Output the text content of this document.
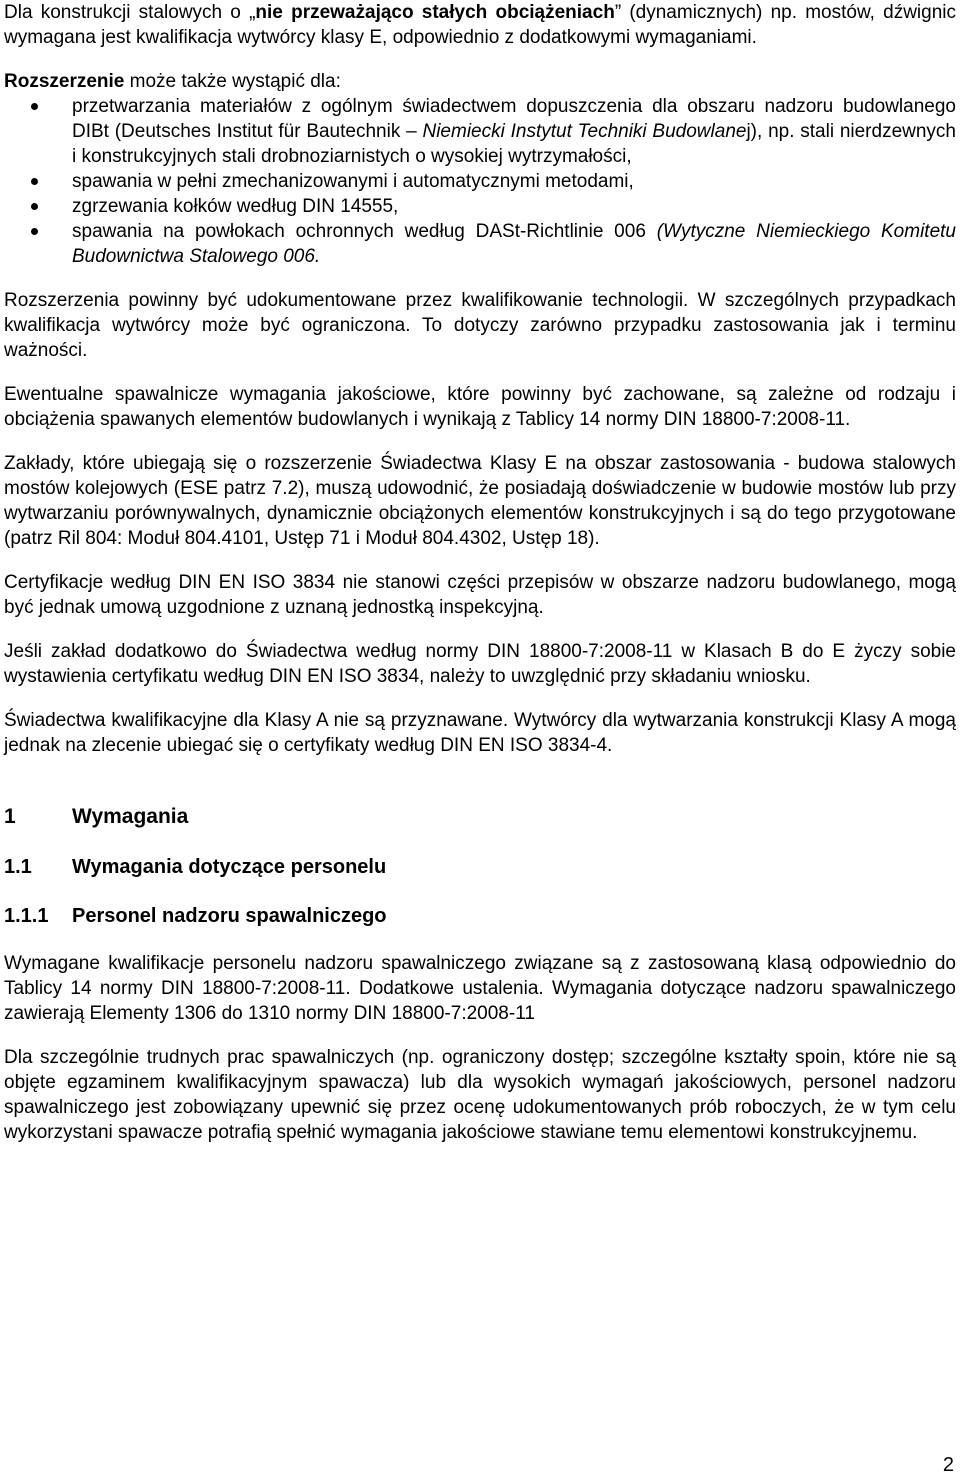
Dla konstrukcji stalowych o „nie przeważająco stałych obciążeniach” (dynamicznych) np. mostów, dźwignic wymagana jest kwalifikacja wytwórcy klasy E, odpowiednio z dodatkowymi wymaganiami.

Rozszerzenie może także wystąpić dla:

przetwarzania materiałów z ogólnym świadectwem dopuszczenia dla obszaru nadzoru budowlanego DIBt (Deutsches Institut für Bautechnik – Niemiecki Instytut Techniki Budowlanej), np. stali nierdzewnych i konstrukcyjnych stali drobnoziarnistych o wysokiej wytrzymałości,
spawania w pełni zmechanizowanymi i automatycznymi metodami,
zgrzewania kołków według DIN 14555,
spawania na powłokach ochronnych według DASt-Richtlinie 006 (Wytyczne Niemieckiego Komitetu Budownictwa Stalowego 006.

Rozszerzenia powinny być udokumentowane przez kwalifikowanie technologii. W szczególnych przypadkach kwalifikacja wytwórcy może być ograniczona. To dotyczy zarówno przypadku zastosowania jak i terminu ważności.

Ewentualne spawalnicze wymagania jakościowe, które powinny być zachowane, są zależne od rodzaju i obciążenia spawanych elementów budowlanych i wynikają z Tablicy 14 normy DIN 18800-7:2008-11.

Zakłady, które ubiegają się o rozszerzenie Świadectwa Klasy E na obszar zastosowania - budowa stalowych mostów kolejowych (ESE patrz 7.2), muszą udowodnić, że posiadają doświadczenie w budowie mostów lub przy wytwarzaniu porównywalnych, dynamicznie obciążonych elementów konstrukcyjnych i są do tego przygotowane (patrz Ril 804: Moduł 804.4101, Ustęp 71 i Moduł 804.4302, Ustęp 18).

Certyfikacje według DIN EN ISO 3834 nie stanowi części przepisów w obszarze nadzoru budowlanego, mogą być jednak umową uzgodnione z uznaną jednostką inspekcyjną.

Jeśli zakład dodatkowo do Świadectwa według normy DIN 18800-7:2008-11 w Klasach B do E życzy sobie wystawienia certyfikatu według DIN EN ISO 3834, należy to uwzględnić przy składaniu wniosku.

Świadectwa kwalifikacyjne dla Klasy A nie są przyznawane. Wytwórcy dla wytwarzania konstrukcji Klasy A mogą jednak na zlecenie ubiegać się o certyfikaty według DIN EN ISO 3834-4.

1	Wymagania
1.1	Wymagania dotyczące personelu
1.1.1	Personel nadzoru spawalniczego

Wymagane kwalifikacje personelu nadzoru spawalniczego związane są z zastosowaną klasą odpowiednio do Tablicy 14 normy DIN 18800-7:2008-11. Dodatkowe ustalenia. Wymagania dotyczące nadzoru spawalniczego zawierają Elementy 1306 do 1310 normy DIN 18800-7:2008-11

Dla szczególnie trudnych prac spawalniczych (np. ograniczony dostęp; szczególne kształty spoin, które nie są objęte egzaminem kwalifikacyjnym spawacza) lub dla wysokich wymagań jakościowych, personel nadzoru spawalniczego jest zobowiązany upewnić się przez ocenę udokumentowanych prób roboczych, że w tym celu wykorzystani spawacze potrafią spełnić wymagania jakościowe stawiane temu elementowi konstrukcyjnemu.

2
